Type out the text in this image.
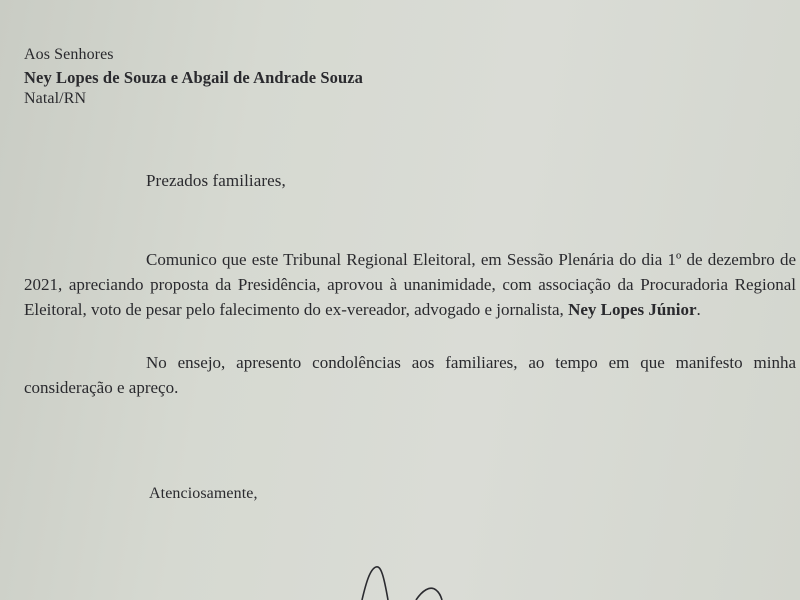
Aos Senhores
Ney Lopes de Souza e Abgail de Andrade Souza
Natal/RN
Prezados familiares,
Comunico que este Tribunal Regional Eleitoral, em Sessão Plenária do dia 1º de dezembro de 2021, apreciando proposta da Presidência, aprovou à unanimidade, com associação da Procuradoria Regional Eleitoral, voto de pesar pelo falecimento do ex-vereador, advogado e jornalista, Ney Lopes Júnior.
No ensejo, apresento condolências aos familiares, ao tempo em que manifesto minha consideração e apreço.
Atenciosamente,
